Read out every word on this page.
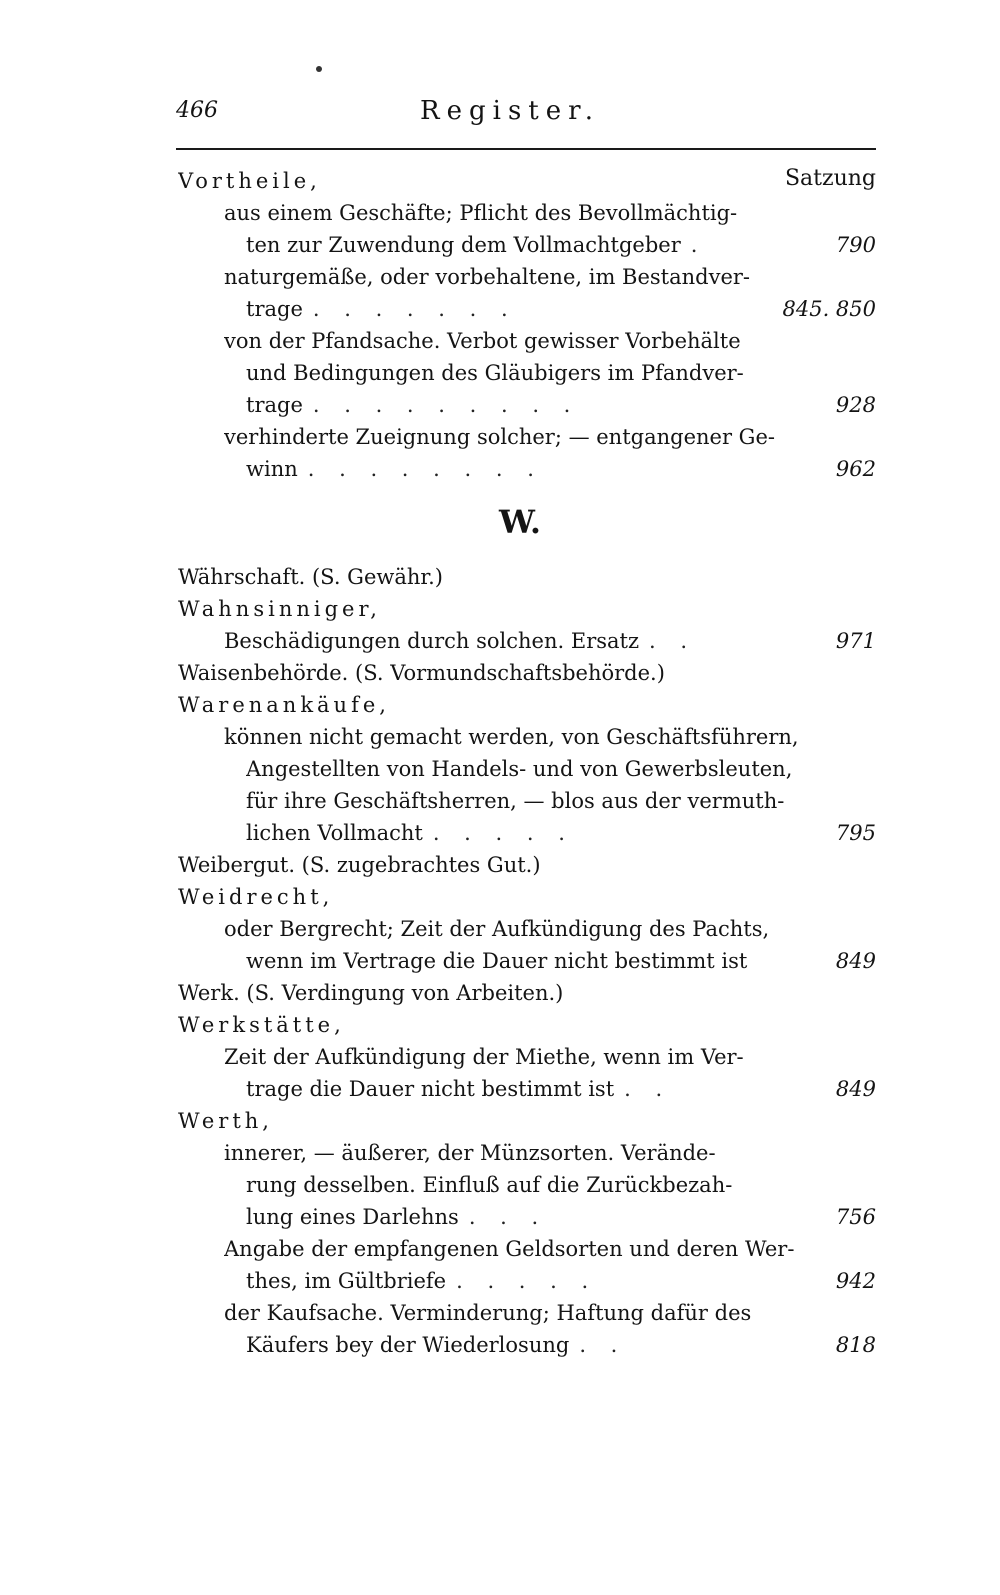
466	Register.
Satzung
Vortheile,
aus einem Geschäfte; Pflicht des Bevollmächtig-
ten zur Zuwendung dem Vollmachtgeber .	790
naturgemäße, oder vorbehaltene, im Bestandver-
trage . . . . . . .	845. 850
von der Pfandsache. Verbot gewisser Vorbehälte
und Bedingungen des Gläubigers im Pfandver-
trage . . . . . . . . .	928
verhinderte Zueignung solcher; — entgangener Ge-
winn . . . . . . . .	962
W.
Währschaft. (S. Gewähr.)
Wahnsinniger,
Beschädigungen durch solchen. Ersatz . .	971
Waisenbehörde. (S. Vormundschaftsbehörde.)
Warenankäufe,
können nicht gemacht werden, von Geschäftsführern,
Angestellten von Handels- und von Gewerbsleuten,
für ihre Geschäftsherren, — blos aus der vermuth-
lichen Vollmacht . . . . .	795
Weibergut. (S. zugebrachtes Gut.)
Weidrecht,
oder Bergrecht; Zeit der Aufkündigung des Pachts,
wenn im Vertrage die Dauer nicht bestimmt ist	849
Werk. (S. Verdingung von Arbeiten.)
Werkstätte,
Zeit der Aufkündigung der Miethe, wenn im Ver-
trage die Dauer nicht bestimmt ist . .	849
Werth,
innerer, — äußerer, der Münzsorten. Verände-
rung desselben. Einfluß auf die Zurückbezah-
lung eines Darlehns . . .	756
Angabe der empfangenen Geldsorten und deren Wer-
thes, im Gültbriefe . . . . .	942
der Kaufsache. Verminderung; Haftung dafür des
Käufers bey der Wiederlosung . .	818
